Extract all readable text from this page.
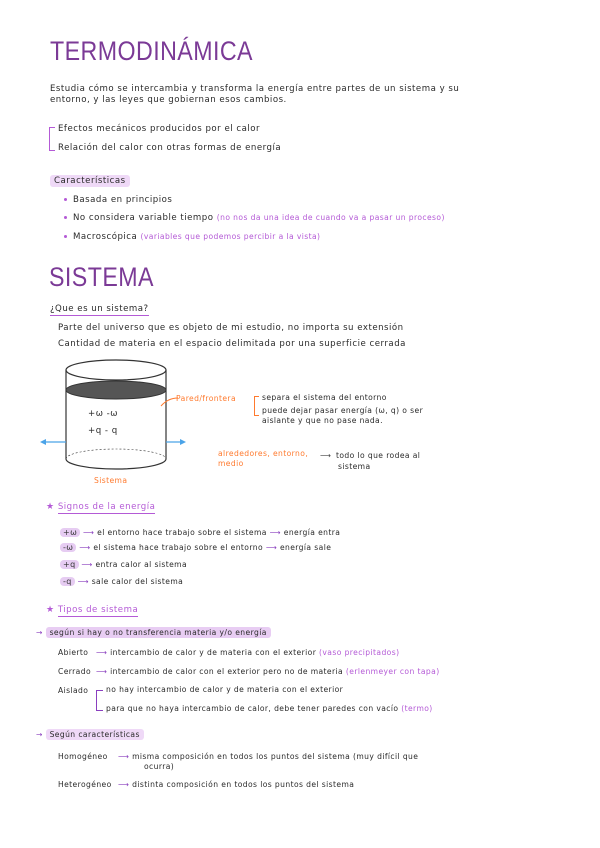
TERMODINÁMICA
Estudia cómo se intercambia y transforma la energía entre partes de un sistema y su
entorno, y las leyes que gobiernan esos cambios.
Efectos mecánicos producidos por el calor
Relación del calor con otras formas de energía
Características
Basada en principios
No considera variable tiempo (no nos da una idea de cuando va a pasar un proceso)
Macroscópica (variables que podemos percibir a la vista)
SISTEMA
¿Que es un sistema?
Parte del universo que es objeto de mi estudio, no importa su extensión
Cantidad de materia en el espacio delimitada por una superficie cerrada
+ω -ω
+q - q
Sistema
Pared/frontera	separa el sistema del entorno
puede dejar pasar energía (ω, q) o ser
aislante y que no pase nada.
alrededores, entorno,
medio
⟶ todo lo que rodea al
sistema
★ Signos de la energía
+ω ⟶ el entorno hace trabajo sobre el sistema ⟶ energía entra
-ω ⟶ el sistema hace trabajo sobre el entorno ⟶ energía sale
+q ⟶ entra calor al sistema
-q ⟶ sale calor del sistema
★ Tipos de sistema
→ según si hay o no transferencia materia y/o energía
Abierto ⟶ intercambio de calor y de materia con el exterior (vaso precipitados)
Cerrado ⟶ intercambio de calor con el exterior pero no de materia (erlenmeyer con tapa)
Aislado no hay intercambio de calor y de materia con el exterior
para que no haya intercambio de calor, debe tener paredes con vacío (termo)
→ Según características
Homogéneo ⟶ misma composición en todos los puntos del sistema (muy difícil que
ocurra)
Heterogéneo ⟶ distinta composición en todos los puntos del sistema
